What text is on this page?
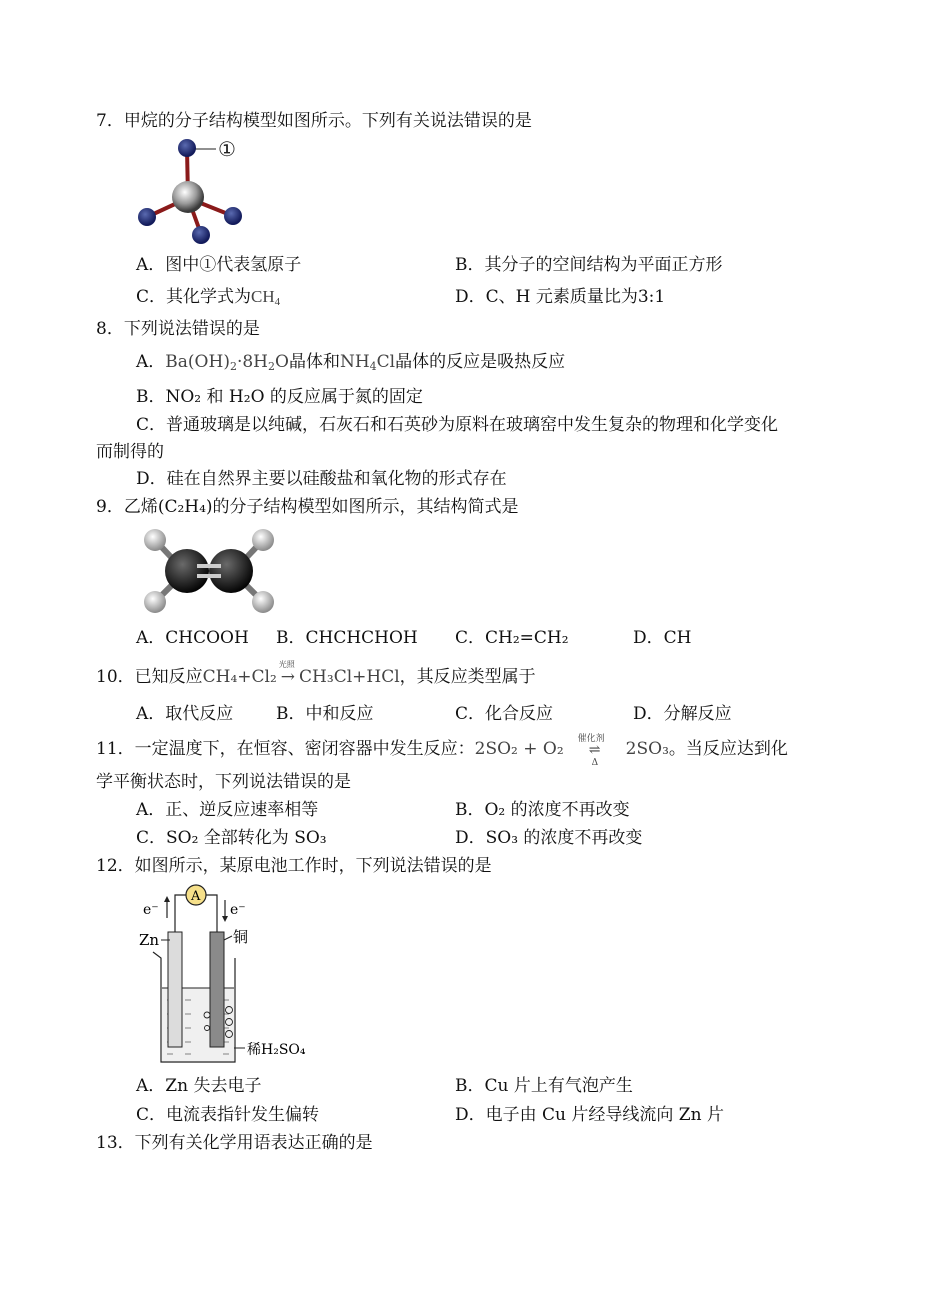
7．甲烷的分子结构模型如图所示。下列有关说法错误的是
①
A．图中①代表氢原子	B．其分子的空间结构为平面正方形
C．其化学式为$CH_4$	D．C、H 元素质量比为3:1
8．下列说法错误的是
A．$Ba(OH)_2\cdot 8H_2O$晶体和$NH_4Cl$晶体的反应是吸热反应
B．NO₂ 和 H₂O 的反应属于氮的固定
C．普通玻璃是以纯碱，石灰石和石英砂为原料在玻璃窑中发生复杂的物理和化学变化
而制得的
D．硅在自然界主要以硅酸盐和氧化物的形式存在
9．乙烯(C₂H₄)的分子结构模型如图所示，其结构简式是
A．CHCOOH B．CHCHCHOH C．CH₂=CH₂	D．CH
10．已知反应CH₄+Cl₂
光照
→ CH₃Cl+HCl，其反应类型属于
A．取代反应	B．中和反应	C．化合反应	D．分解反应
11．一定温度下，在恒容、密闭容器中发生反应：2SO₂ + O₂ 催化剂
⇌
Δ
2SO₃。当反应达到化
学平衡状态时，下列说法错误的是
A．正、逆反应速率相等	B．O₂ 的浓度不再改变
C．SO₂ 全部转化为 SO₃	D．SO₃ 的浓度不再改变
12．如图所示，某原电池工作时，下列说法错误的是
A
e⁻	e⁻
Zn	铜
稀H₂SO₄
A．Zn 失去电子	B．Cu 片上有气泡产生
C．电流表指针发生偏转	D．电子由 Cu 片经导线流向 Zn 片
13．下列有关化学用语表达正确的是
